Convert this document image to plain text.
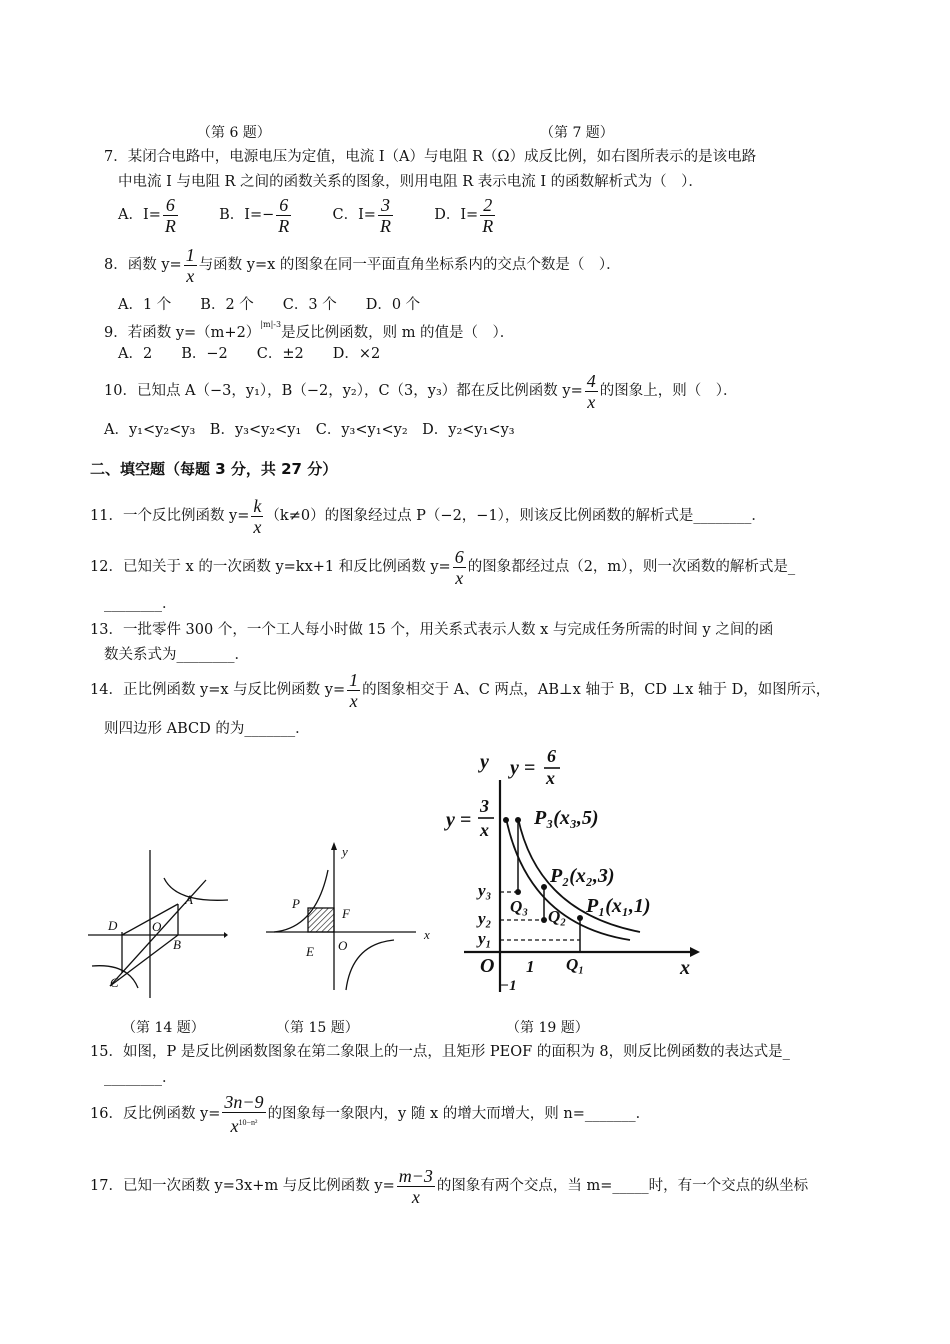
（第 6 题）	（第 7 题）
7．某闭合电路中，电源电压为定值，电流 I（A）与电阻 R（Ω）成反比例，如右图所表示的是该电路
中电流 I 与电阻 R 之间的函数关系的图象，则用电阻 R 表示电流 I 的函数解析式为（　）．
A．$I= \frac{6}{R}$	B．$I=- \frac{6}{R}$	C．$I= \frac{3}{R}$	D．$I= \frac{2}{R}$
8．函数 $y= \frac{1}{x}$ 与函数 y=x 的图象在同一平面直角坐标系内的交点个数是（　）．
A．1 个　　B．2 个　　C．3 个　　D．0 个
9．若函数 $y=(m+2)^{|m|-3}$是反比例函数，则 m 的值是（　）．
A．2　　B．−2　　C．±2　　D．×2
10．已知点 A（−3，y₁），B（−2，y₂），C（3，y₃）都在反比例函数 $y= \frac{4}{x}$ 的图象上，则（　）．
A．y₁<y₂<y₃　B．y₃<y₂<y₁　C．y₃<y₁<y₂　D．y₂<y₁<y₃
二、填空题（每题 3 分，共 27 分）
11．一个反比例函数 $y= \frac{k}{x} (k\ne 0)$的图象经过点 P（−2，−1），则该反比例函数的解析式是________．
12．已知关于 x 的一次函数 y=kx+1 和反比例函数 $y= \frac{6}{x}$ 的图象都经过点（2，m），则一次函数的解析式是_
________．
13．一批零件 300 个，一个工人每小时做 15 个，用关系式表示人数 x 与完成任务所需的时间 y 之间的函
数关系式为________．
14．正比例函数 y=x 与反比例函数 $y= \frac{1}{x}$ 的图象相交于 A、C 两点，AB⊥x 轴于 B，CD ⊥x 轴于 D，如图所示，
则四边形 ABCD 的为_______．
A
B
C
D	O
P
F
E O
x
y
y y =
6
x
y =
3
x
P₃(x₃,5)
P₂(x₂,3)
P₁(x₁,1)
Q₃
Q₂
Q₁
y₃
y₂
y₁
O 1
−1
x
（第 14 题）	（第 15 题）	（第 19 题）
15．如图，P 是反比例函数图象在第二象限上的一点，且矩形 PEOF 的面积为 8，则反比例函数的表达式是_
________．
16．反比例函数 $y= \frac{3n-9}{x^{10-n^2}}$ 的图象每一象限内，y 随 x 的增大而增大，则 n=_______．
17．已知一次函数 y=3x+m 与反比例函数 $y= \frac{m-3}{x}$ 的图象有两个交点，当 m=_____时，有一个交点的纵坐标
